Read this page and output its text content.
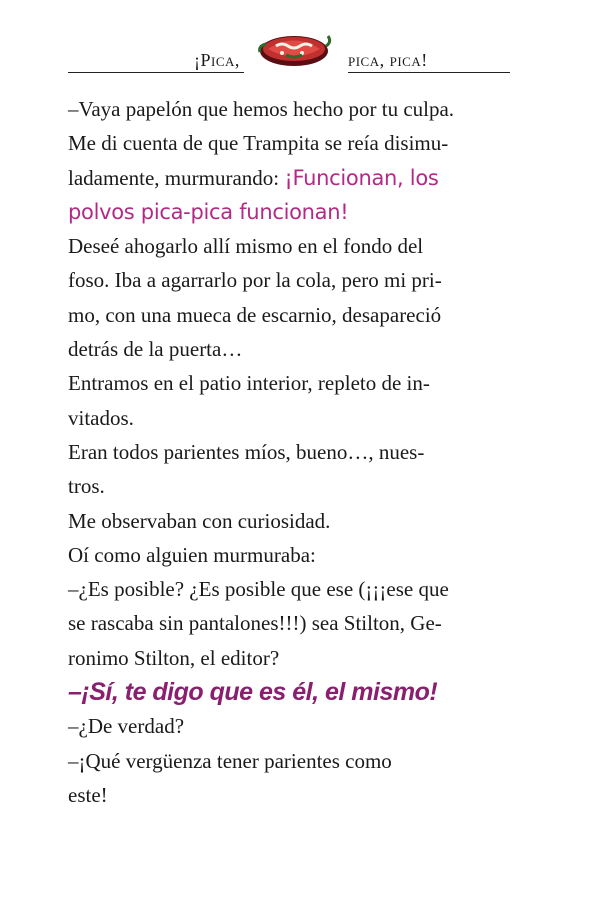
¡Pica,	pica, pica!
–Vaya papelón que hemos hecho por tu culpa.
Me di cuenta de que Trampita se reía disimu-
ladamente, murmurando: ¡Funcionan, los
polvos pica-pica funcionan!
Deseé ahogarlo allí mismo en el fondo del
foso. Iba a agarrarlo por la cola, pero mi pri-
mo, con una mueca de escarnio, desapareció
detrás de la puerta…
Entramos en el patio interior, repleto de in-
vitados.
Eran todos parientes míos, bueno…, nues-
tros.
Me observaban con curiosidad.
Oí como alguien murmuraba:
–¿Es posible? ¿Es posible que ese (¡¡¡ese que
se rascaba sin pantalones!!!) sea Stilton, Ge-
ronimo Stilton, el editor?
–¡Sí, te digo que es él, el mismo!
–¿De verdad?
–¡Qué vergüenza tener parientes como
este!
